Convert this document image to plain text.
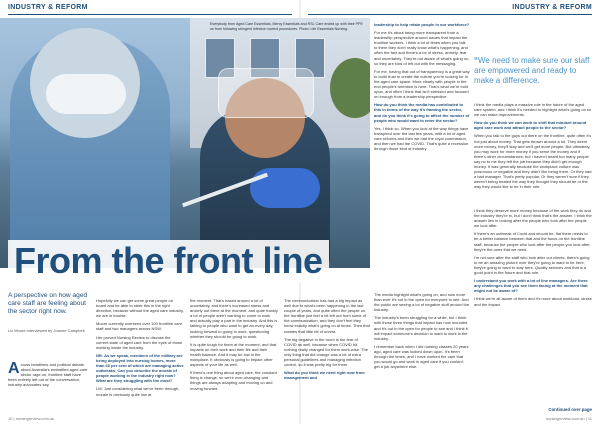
INDUSTRY & REFORM	INDUSTRY & REFORM
Everybody from Aged Care Essentials, Mercy Essentials and RSL Care ended up with their PPE on from following stringent infection control procedures. Photo: Life Essentials Nursing.
From the front line
A perspective on how aged care staff are feeling about the sector right now.
Liz Moore interviewed by Joanne Campbell

Across headlines and political debate about Australia's embattled aged care sector rage on, frontline staff have been entirely left out of the conversation, industry advocates say.

Hopefully we can get some great people on board and be able to steer this in the right direction, because without the aged care industry, we are in trouble.

Moore currently oversees over 100 frontline care staff and two managers across NSW.

Her proved Nursing Review to discuss the current state of aged care from the eyes of those working inside the industry.

NR: As we speak, members of the military are being deployed into nursing homes, more than 60 per cent of which are managing active outbreaks. Can you describe the morale of people working in the industry right now? What are they struggling with the most?

LM: Just considering what we've been through, morale is obviously quite low at

the moment. That's based around a lot of uncertainty, and there's increased stress and anxiety out there at the moment, and quite frankly a lot of people aren't wanting to come to work and actually play a part in the industry. And this is talking to people who want to get an-every day, looking forward to going to work, questioning whether they should be going to work.

It is quite tough for them at the moment, and that impacts on their work and their life and their health balance. And it may be low in the workplace. It obviously is going to impact other aspects of your life as well.

If there's one thing about aged care, the constant thing is change, so we're ever-changing and things are always adapting and moving on and moving forward.

The communication has had a big impact as well due to what's been happening in the last couple of years, and quite often the people on the frontline just feel a bit left out from some of the communication, and they don't feel they know exactly what's going on at times. Then that creates that little bit of unrest.

The big negative in the room is the fear of COVID as well, because when COVID hit, nothing really changed for them work-wise. The only thing that did change was a lot of extra personal guidelines and managing infection control, so it was pretty big for them.

What do you think we need right now from management and

leadership to help retain people in our workforce?

For me it's about being more transparent from a leadership perspective around issues that impact the frontline workers. I think a lot of times when you talk to them they don't really know what's happening, and often the fact and there's a lot of stress, anxiety, fear and uncertainty. They're not aware of what's going on, so they are kind of left out with the messaging.

For me, having that out of transparency is a great way to build trust to create the culture you're looking for in the aged care space. More clearly with people in the end people's retention is here. That's what we're built upon, and often I think that isn't stressed and focused on enough from a leadership perspective.

How do you think the media has contributed to this in terms of the way it's framing the sector, and do you think it's going to affect the number of people who would want to enter the sector?

Yes, I think so. When you look at the way things have transpired over the last few years, with a lot of aged care reforms and then we had the royal commission, and then we had the COVID. That's quite a recession through those kind of industry.

The media highlight what's going on, and now more than ever it's out in the open for everyone to see. And the public are seeing a lot of negative stuff around the industry.

The industry's been struggling for a while, but I think with those three things that impact has now mounted and it's out in the open for people to see and I think it will impact someone's decision to want to work in the industry.

I remember back when I did nursing classes 20 years ago, aged care was looked down upon. It's been through the times, and I have worked the care that you would go and work in aged care if you couldn't get a job anywhere else.

“We need to make sure our staff are empowered and ready to make a difference.

I think the media plays a massive role in the future of the aged care system, and I think it's needed to highlight what's going on so we can make improvements.

How do you think we can work to shift that mindset around aged care work and attract people to the sector?

When you talk to the guys out there on the frontline, quite often it's not just about money. That gets thrown around a lot. They deem more money, they'll stay and we'll get more people. But ultimately, you may work for more money if you serve the money and if there's other circumstances, but I haven't heard too many people say no to me they left the job because they didn't get enough money. It was generally because the workplace culture was poisonous or negative and they didn't like being there. Or they had a bad manager. That's pretty popular. Or they weren't sure if they weren't being treated the way they thought they should be or the way they would like to be in their role.

I think they deserve more money because of the work they do and the industry they're in, but I don't think that's the answer. I think the answer lies in looking after the people who look after the people we look after.

If there's an outbreak of Covid and should be, flat there needs to be a better balance between that and the focus on the frontline staff, because the people who look after the people you look after, they're the ones that we need.

I'm not sure after the staff who look after our clients, there's going to be an amazing picture over they're going to want to be here, they're going to want to stay here. Quality services and that is a good point in the future and that role.

I understand you work with a lot of line managers. Are there any challenges that you see them facing at the moment that might not be aware of?

I think we're all aware of them and it's more about workload, stress and the impact

Continued over page
10 | nursingreview.com.au	nursingreview.com.au | 11
